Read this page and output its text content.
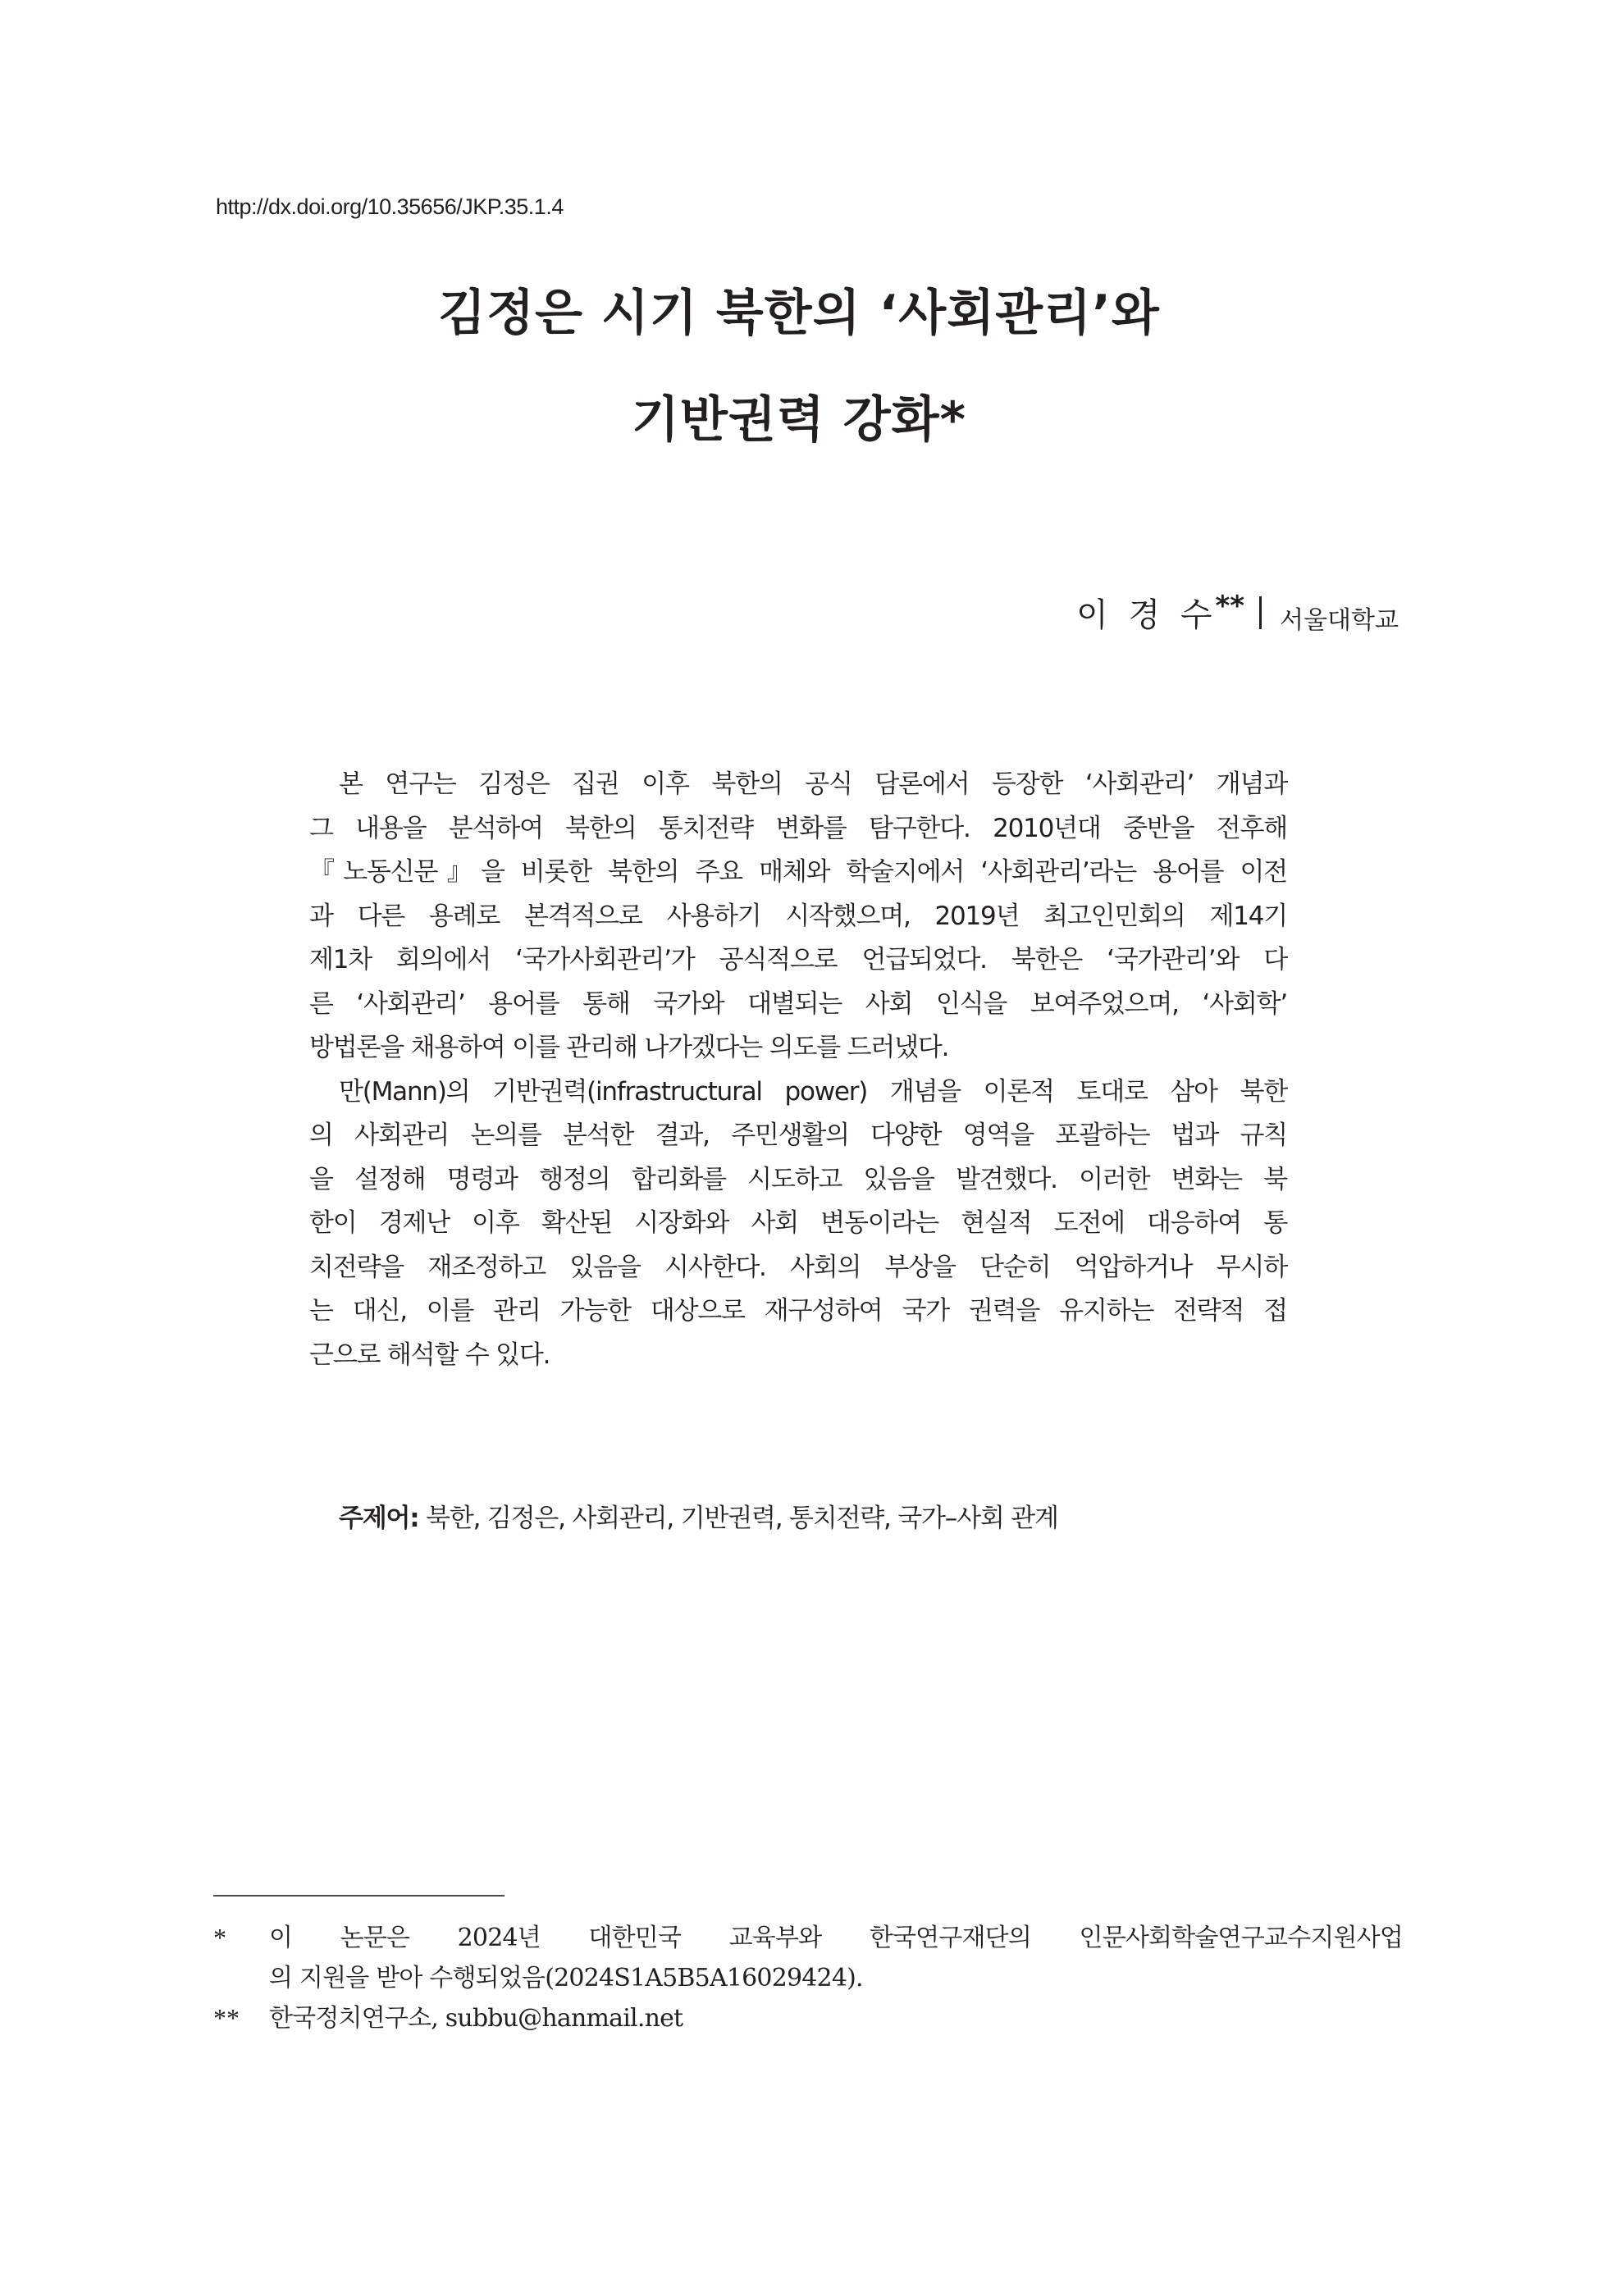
http://dx.doi.org/10.35656/JKP.35.1.4
김정은 시기 북한의 ‘사회관리’와
기반권력 강화*
이 경 수
** 서울대학교
본 연구는 김정은 집권 이후 북한의 공식 담론에서 등장한 ‘사회관리’ 개념과
그 내용을 분석하여 북한의 통치전략 변화를 탐구한다. 2010년대 중반을 전후해
『노동신문』을 비롯한 북한의 주요 매체와 학술지에서 ‘사회관리’라는 용어를 이전
과 다른 용례로 본격적으로 사용하기 시작했으며, 2019년 최고인민회의 제14기
제1차 회의에서 ‘국가사회관리’가 공식적으로 언급되었다. 북한은 ‘국가관리’와 다
른 ‘사회관리’ 용어를 통해 국가와 대별되는 사회 인식을 보여주었으며, ‘사회학’
방법론을 채용하여 이를 관리해 나가겠다는 의도를 드러냈다.
만(Mann)의 기반권력(infrastructural power) 개념을 이론적 토대로 삼아 북한
의 사회관리 논의를 분석한 결과, 주민생활의 다양한 영역을 포괄하는 법과 규칙
을 설정해 명령과 행정의 합리화를 시도하고 있음을 발견했다. 이러한 변화는 북
한이 경제난 이후 확산된 시장화와 사회 변동이라는 현실적 도전에 대응하여 통
치전략을 재조정하고 있음을 시사한다. 사회의 부상을 단순히 억압하거나 무시하
는 대신, 이를 관리 가능한 대상으로 재구성하여 국가 권력을 유지하는 전략적 접
근으로 해석할 수 있다.
주제어: 북한, 김정은, 사회관리, 기반권력, 통치전략, 국가–사회 관계
* 이 논문은 2024년 대한민국 교육부와 한국연구재단의 인문사회학술연구교수지원사업
의 지원을 받아 수행되었음(2024S1A5B5A16029424).
** 한국정치연구소, subbu@hanmail.net
